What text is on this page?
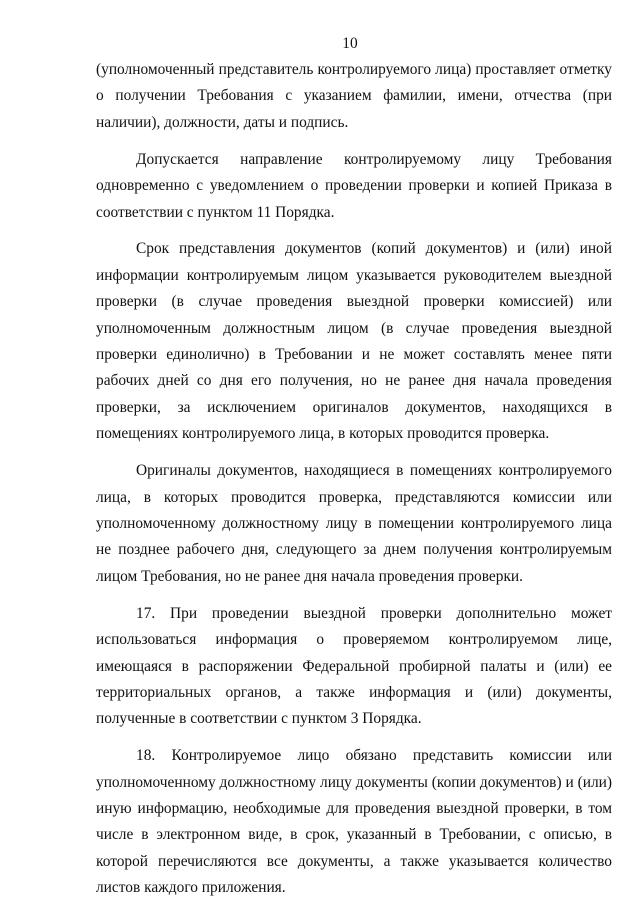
10

(уполномоченный представитель контролируемого лица) проставляет отметку о получении Требования с указанием фамилии, имени, отчества (при наличии), должности, даты и подпись.

Допускается направление контролируемому лицу Требования одновременно с уведомлением о проведении проверки и копией Приказа в соответствии с пунктом 11 Порядка.

Срок представления документов (копий документов) и (или) иной информации контролируемым лицом указывается руководителем выездной проверки (в случае проведения выездной проверки комиссией) или уполномоченным должностным лицом (в случае проведения выездной проверки единолично) в Требовании и не может составлять менее пяти рабочих дней со дня его получения, но не ранее дня начала проведения проверки, за исключением оригиналов документов, находящихся в помещениях контролируемого лица, в которых проводится проверка.

Оригиналы документов, находящиеся в помещениях контролируемого лица, в которых проводится проверка, представляются комиссии или уполномоченному должностному лицу в помещении контролируемого лица не позднее рабочего дня, следующего за днем получения контролируемым лицом Требования, но не ранее дня начала проведения проверки.

17. При проведении выездной проверки дополнительно может использоваться информация о проверяемом контролируемом лице, имеющаяся в распоряжении Федеральной пробирной палаты и (или) ее территориальных органов, а также информация и (или) документы, полученные в соответствии с пунктом 3 Порядка.

18. Контролируемое лицо обязано представить комиссии или уполномоченному должностному лицу документы (копии документов) и (или) иную информацию, необходимые для проведения выездной проверки, в том числе в электронном виде, в срок, указанный в Требовании, с описью, в которой перечисляются все документы, а также указывается количество листов каждого приложения.
